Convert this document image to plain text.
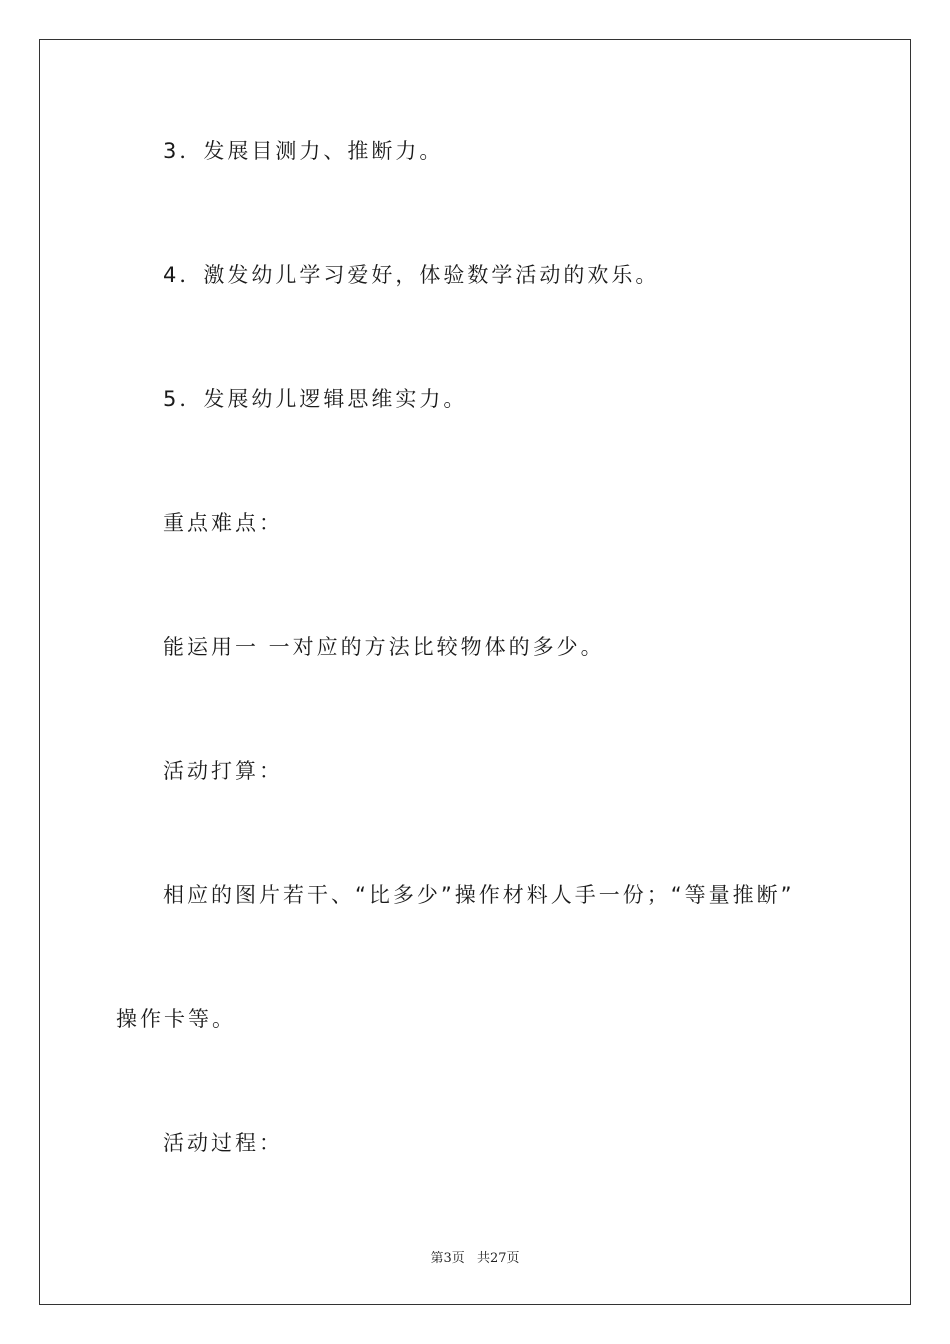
3．发展目测力、推断力。

4．激发幼儿学习爱好，体验数学活动的欢乐。

5．发展幼儿逻辑思维实力。

重点难点：

能运用一 一对应的方法比较物体的多少。

活动打算：

相应的图片若干、“比多少”操作材料人手一份；“等量推断”

操作卡等。

活动过程：

第3页 共27页
